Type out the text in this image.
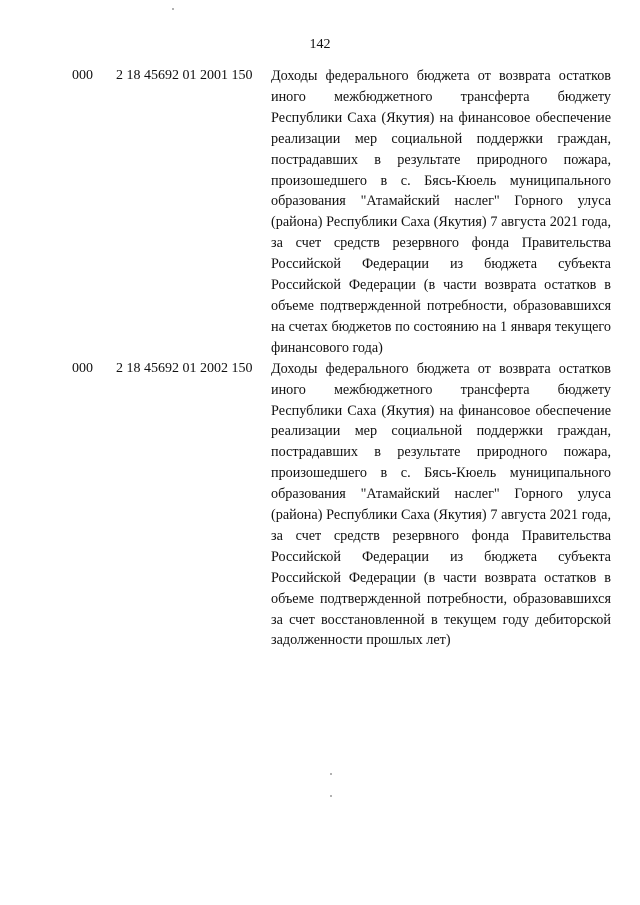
142
000 2 18 45692 01 2001 150 Доходы федерального бюджета от возврата остатков иного межбюджетного трансферта бюджету Республики Саха (Якутия) на финансовое обеспечение реализации мер социальной поддержки граждан, пострадавших в результате природного пожара, произошедшего в с. Бясь-Кюель муниципального образования "Атамайский наслег" Горного улуса (района) Республики Саха (Якутия) 7 августа 2021 года, за счет средств резервного фонда Правительства Российской Федерации из бюджета субъекта Российской Федерации (в части возврата остатков в объеме подтвержденной потребности, образовавшихся на счетах бюджетов по состоянию на 1 января текущего финансового года)
000 2 18 45692 01 2002 150 Доходы федерального бюджета от возврата остатков иного межбюджетного трансферта бюджету Республики Саха (Якутия) на финансовое обеспечение реализации мер социальной поддержки граждан, пострадавших в результате природного пожара, произошедшего в с. Бясь-Кюель муниципального образования "Атамайский наслег" Горного улуса (района) Республики Саха (Якутия) 7 августа 2021 года, за счет средств резервного фонда Правительства Российской Федерации из бюджета субъекта Российской Федерации (в части возврата остатков в объеме подтвержденной потребности, образовавшихся за счет восстановленной в текущем году дебиторской задолженности прошлых лет)
